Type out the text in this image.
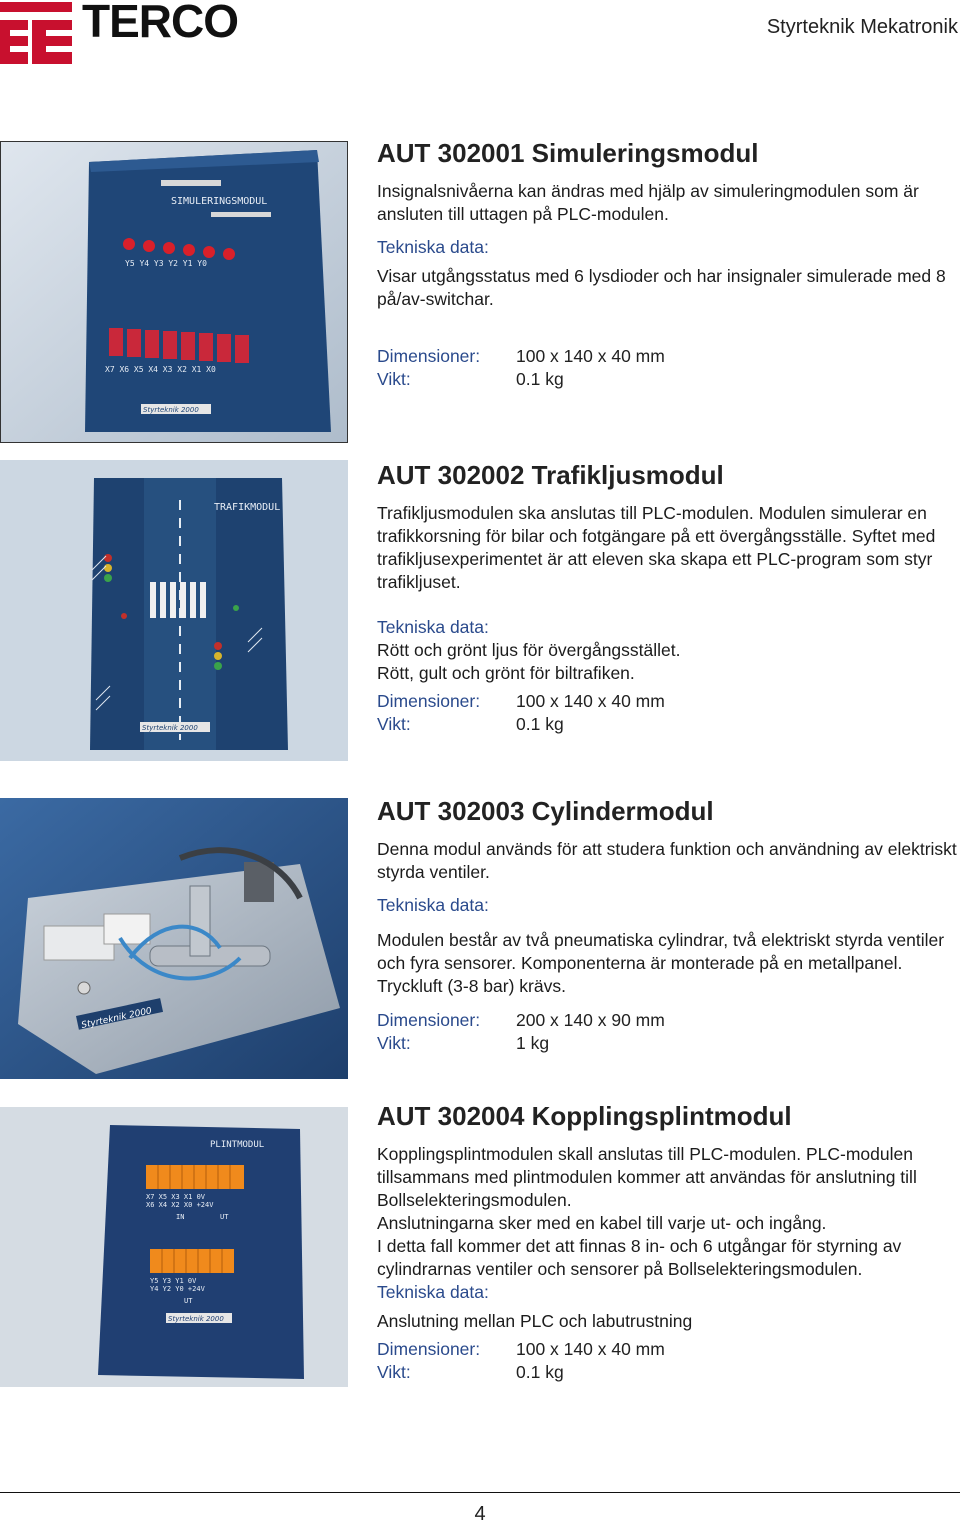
TERCO	Styrteknik Mekatronik
SIMULERINGSMODUL
Y5 Y4 Y3 Y2 Y1 Y0
X7 X6 X5 X4 X3 X2 X1 X0
Styrteknik 2000
AUT 302001 Simuleringsmodul

Insignalsnivåerna kan ändras med hjälp av simuleringmodulen som är ansluten till uttagen på PLC-modulen.

Tekniska data:

Visar utgångsstatus med 6 lysdioder och har insignaler simulerade med 8 på/av-switchar.

Dimensioner:	100 x 140 x 40 mm
Vikt:	0.1 kg
TRAFIKMODUL
Styrteknik 2000
AUT 302002 Trafikljusmodul

Trafikljusmodulen ska anslutas till PLC-modulen. Modulen simulerar en trafikkorsning för bilar och fotgängare på ett övergångsställe. Syftet med trafikljusexperimentet är att eleven ska skapa ett PLC-program som styr trafikljuset.

Tekniska data:

Rött och grönt ljus för övergångsstället.

Rött, gult och grönt för biltrafiken.

Dimensioner:	100 x 140 x 40 mm
Vikt:	0.1 kg
Styrteknik 2000
AUT 302003 Cylindermodul

Denna modul används för att studera funktion och användning av elektriskt styrda ventiler.

Tekniska data:

Modulen består av två pneumatiska cylindrar, två elektriskt styrda ventiler och fyra sensorer. Komponenterna är monterade på en metallpanel. Tryckluft (3-8 bar) krävs.

Dimensioner:	200 x 140 x 90 mm
Vikt:	1 kg
PLINTMODUL
X7 X5 X3 X1 0V
X6 X4 X2 X0 +24V
IN	UT
Y5 Y3 Y1 0V
Y4 Y2 Y0 +24V
UT
Styrteknik 2000
AUT 302004 Kopplingsplintmodul

Kopplingsplintmodulen skall anslutas till PLC-modulen. PLC-modulen tillsammans med plintmodulen kommer att användas för anslutning till Bollselekteringsmodulen.

Anslutningarna sker med en kabel till varje ut- och ingång.

I detta fall kommer det att finnas 8 in- och 6 utgångar för styrning av cylindrarnas ventiler och sensorer på Bollselekteringsmodulen.

Tekniska data:

Anslutning mellan PLC och labutrustning

Dimensioner:	100 x 140 x 40 mm
Vikt:	0.1 kg
4
